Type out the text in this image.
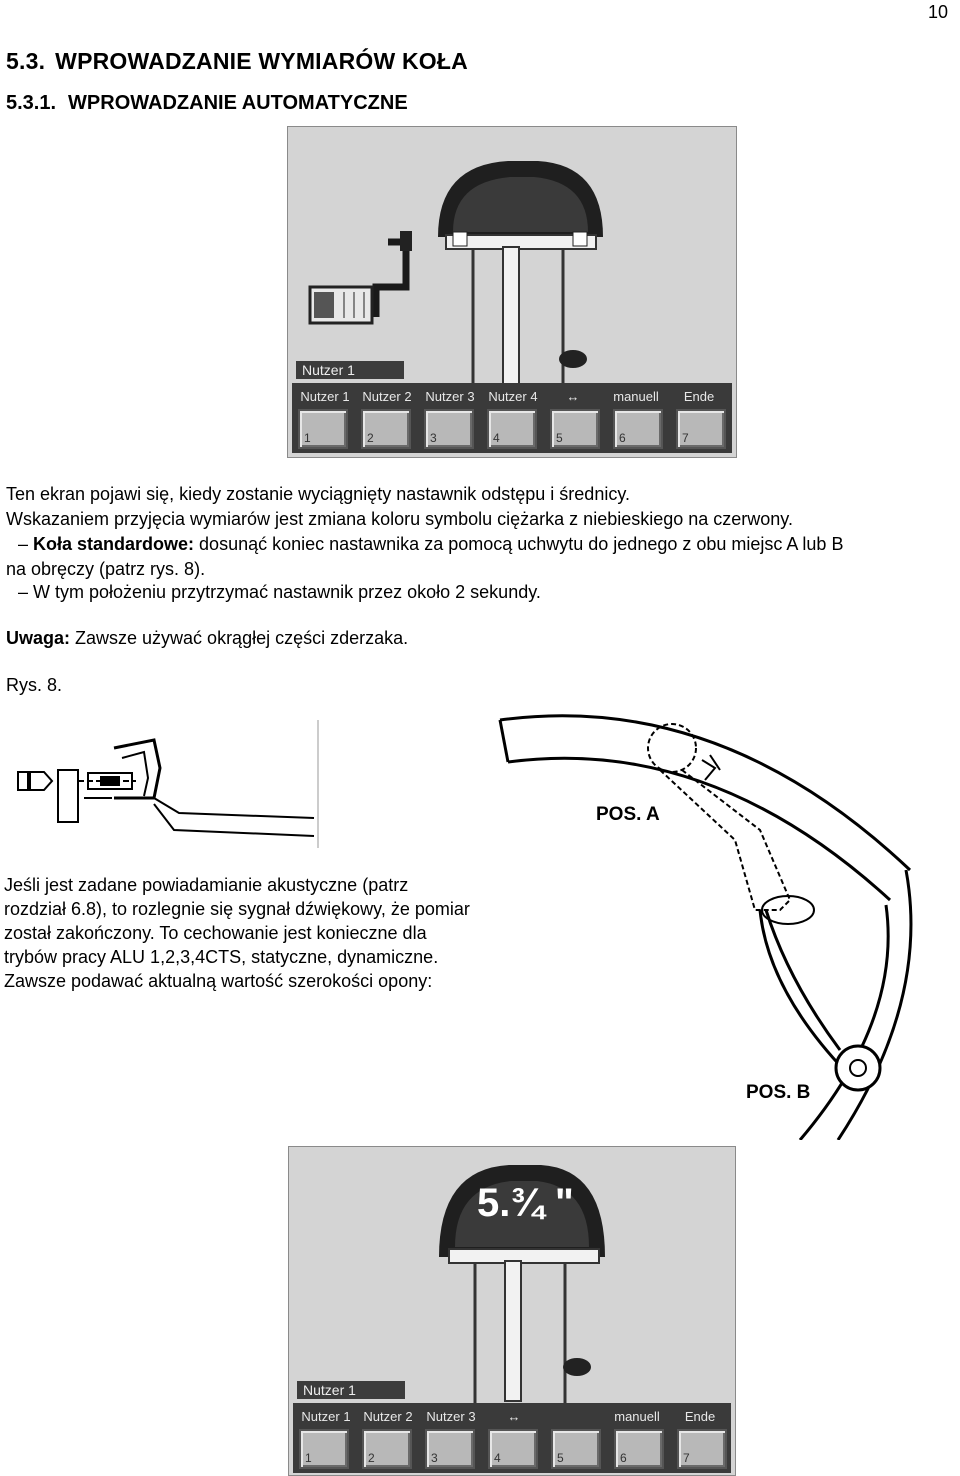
10
5.3. WPROWADZANIE WYMIARÓW KOŁA
5.3.1. WPROWADZANIE AUTOMATYCZNE
Nutzer 1
Nutzer 1 Nutzer 2	Nutzer 3	Nutzer 4	↔	manuell	Ende
1	2	3	4	5	6	7
Ten ekran pojawi się, kiedy zostanie wyciągnięty nastawnik odstępu i średnicy.
Wskazaniem przyjęcia wymiarów jest zmiana koloru symbolu ciężarka z niebieskiego na czerwony.
– Koła standardowe: dosunąć koniec nastawnika za pomocą uchwytu do jednego z obu miejsc A lub B
na obręczy (patrz rys. 8).
– W tym położeniu przytrzymać nastawnik przez około 2 sekundy.
Uwaga: Zawsze używać okrągłej części zderzaka.
Rys. 8.
POS. A
POS. B
Jeśli jest zadane powiadamianie akustyczne (patrz rozdział 6.8), to rozlegnie się sygnał dźwiękowy, że pomiar został zakończony. To cechowanie jest konieczne dla trybów pracy ALU 1,2,3,4CTS, statyczne, dynamiczne. Zawsze podawać aktualną wartość szerokości opony:
5.¾ "
Nutzer 1
Nutzer 1 Nutzer 2	Nutzer 3	↔	manuell	Ende
1	2	3	4	5	6	7
